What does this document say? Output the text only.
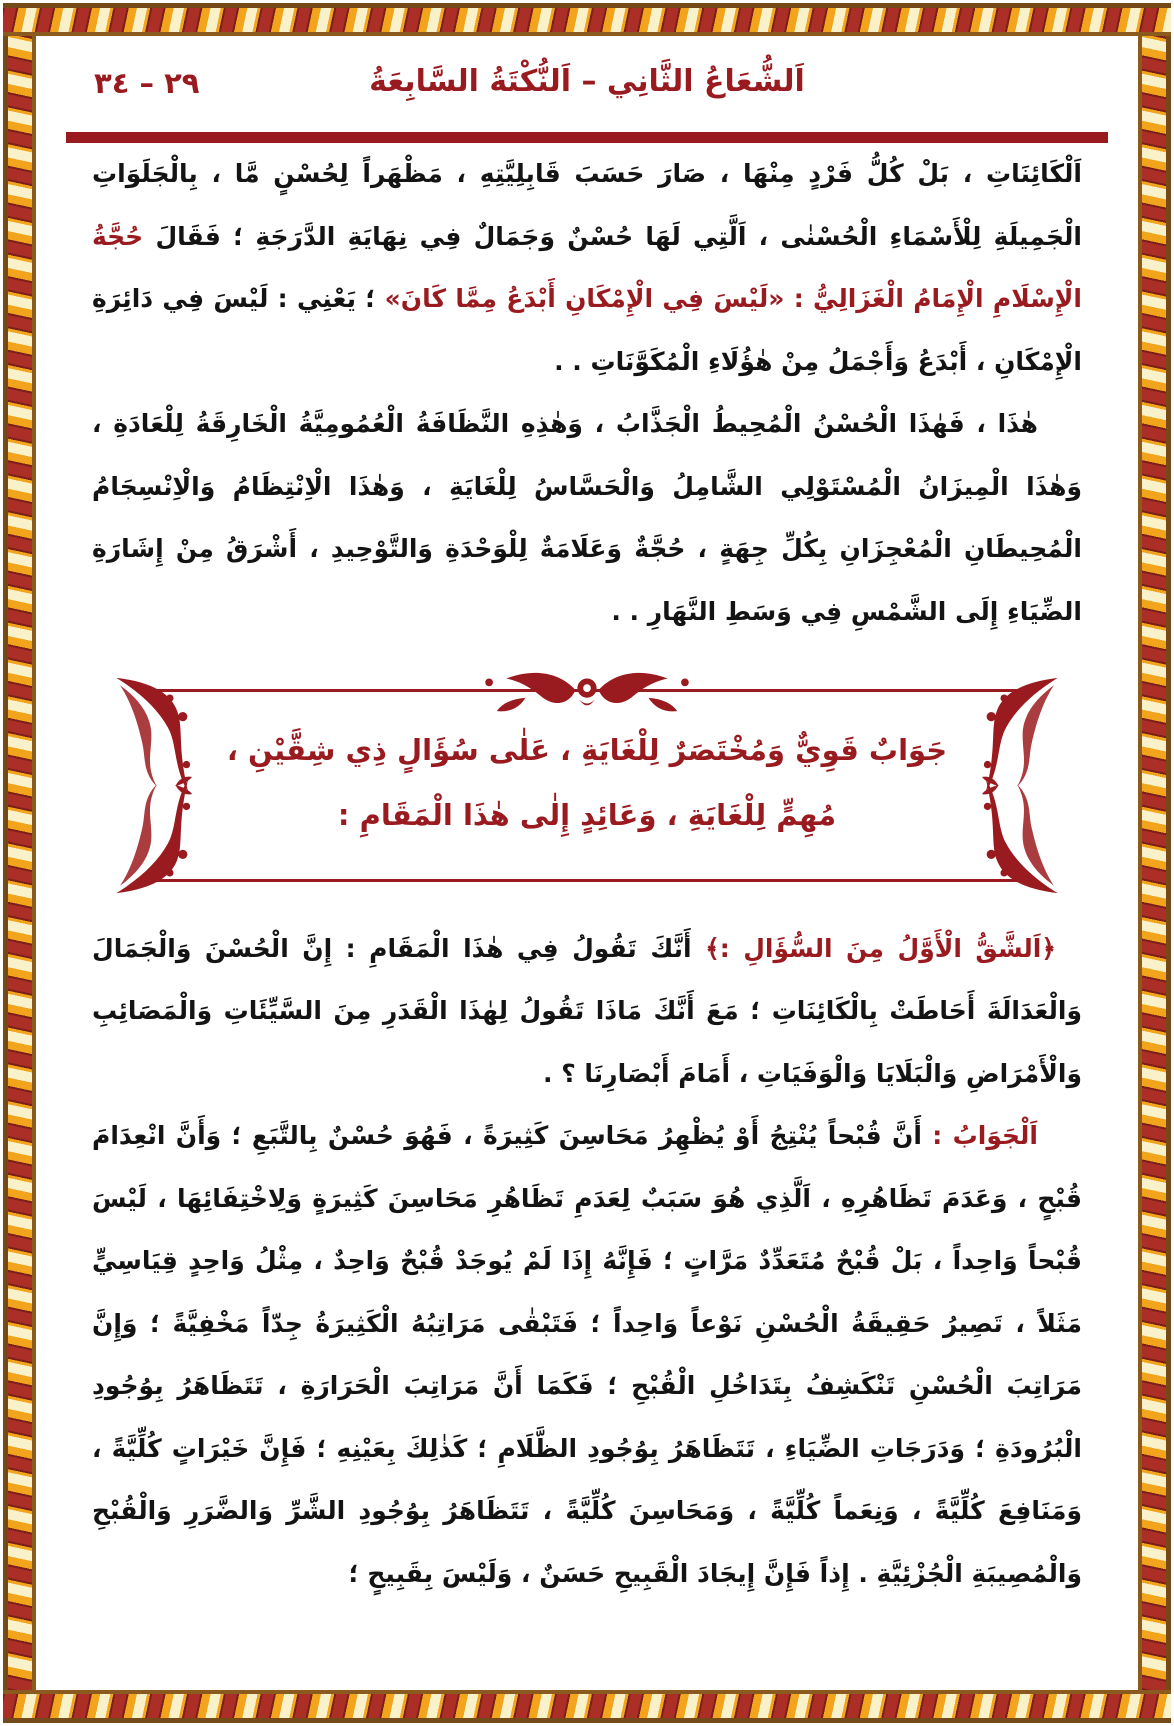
اَلشُّعَاعُ الثَّانِي – اَلنُّكْتَةُ السَّابِعَةُ
٢٩ – ٣٤

اَلْكَائِنَاتِ ، بَلْ كُلُّ فَرْدٍ مِنْهَا ، صَارَ حَسَبَ قَابِلِيَّتِهِ ، مَظْهَراً لِحُسْنٍ مَّا ، بِالْجَلَوَاتِ الْجَمِيلَةِ لِلْأَسْمَاءِ الْحُسْنٰى ، اَلَّتِي لَهَا حُسْنٌ وَجَمَالٌ فِي نِهَايَةِ الدَّرَجَةِ ؛ فَقَالَ حُجَّةُ الْإِسْلَامِ الْإِمَامُ الْغَزَالِيُّ : «لَيْسَ فِي الْإِمْكَانِ أَبْدَعُ مِمَّا كَانَ» ؛ يَعْنِي : لَيْسَ فِي دَائِرَةِ الْإِمْكَانِ ، أَبْدَعُ وَأَجْمَلُ مِنْ هٰؤُلَاءِ الْمُكَوَّنَاتِ . .

هٰذَا ، فَهٰذَا الْحُسْنُ الْمُحِيطُ الْجَذَّابُ ، وَهٰذِهِ النَّظَافَةُ الْعُمُومِيَّةُ الْخَارِقَةُ لِلْعَادَةِ ، وَهٰذَا الْمِيزَانُ الْمُسْتَوْلِي الشَّامِلُ وَالْحَسَّاسُ لِلْغَايَةِ ، وَهٰذَا الْاِنْتِظَامُ وَالْاِنْسِجَامُ الْمُحِيطَانِ الْمُعْجِزَانِ بِكُلِّ جِهَةٍ ، حُجَّةٌ وَعَلَامَةٌ لِلْوَحْدَةِ وَالتَّوْحِيدِ ، أَشْرَقُ مِنْ إِشَارَةِ الضِّيَاءِ إِلَى الشَّمْسِ فِي وَسَطِ النَّهَارِ . .

جَوَابٌ قَوِيٌّ وَمُخْتَصَرٌ لِلْغَايَةِ ، عَلٰى سُؤَالٍ ذِي شِقَّيْنِ ،
مُهِمٍّ لِلْغَايَةِ ، وَعَائِدٍ إِلٰى هٰذَا الْمَقَامِ :

﴿اَلشَّقُّ الْأَوَّلُ مِنَ السُّؤَالِ :﴾ أَنَّكَ تَقُولُ فِي هٰذَا الْمَقَامِ : إِنَّ الْحُسْنَ وَالْجَمَالَ وَالْعَدَالَةَ أَحَاطَتْ بِالْكَائِنَاتِ ؛ مَعَ أَنَّكَ مَاذَا تَقُولُ لِهٰذَا الْقَدَرِ مِنَ السَّيِّئَاتِ وَالْمَصَائِبِ وَالْأَمْرَاضِ وَالْبَلَايَا وَالْوَفَيَاتِ ، أَمَامَ أَبْصَارِنَا ؟ .

اَلْجَوَابُ : أَنَّ قُبْحاً يُنْتِجُ أَوْ يُظْهِرُ مَحَاسِنَ كَثِيرَةً ، فَهُوَ حُسْنٌ بِالتَّبَعِ ؛ وَأَنَّ انْعِدَامَ قُبْحٍ ، وَعَدَمَ تَظَاهُرِهِ ، اَلَّذِي هُوَ سَبَبٌ لِعَدَمِ تَظَاهُرِ مَحَاسِنَ كَثِيرَةٍ وَلِاخْتِفَائِهَا ، لَيْسَ قُبْحاً وَاحِداً ، بَلْ قُبْحٌ مُتَعَدِّدٌ مَرَّاتٍ ؛ فَإِنَّهُ إِذَا لَمْ يُوجَدْ قُبْحٌ وَاحِدٌ ، مِثْلُ وَاحِدٍ قِيَاسِيٍّ مَثَلاً ، تَصِيرُ حَقِيقَةُ الْحُسْنِ نَوْعاً وَاحِداً ؛ فَتَبْقٰى مَرَاتِبُهُ الْكَثِيرَةُ جِدّاً مَخْفِيَّةً ؛ وَإِنَّ مَرَاتِبَ الْحُسْنِ تَنْكَشِفُ بِتَدَاخُلِ الْقُبْحِ ؛ فَكَمَا أَنَّ مَرَاتِبَ الْحَرَارَةِ ، تَتَظَاهَرُ بِوُجُودِ الْبُرُودَةِ ؛ وَدَرَجَاتِ الضِّيَاءِ ، تَتَظَاهَرُ بِوُجُودِ الظَّلَامِ ؛ كَذٰلِكَ بِعَيْنِهِ ؛ فَإِنَّ خَيْرَاتٍ كُلِّيَّةً ، وَمَنَافِعَ كُلِّيَّةً ، وَنِعَماً كُلِّيَّةً ، وَمَحَاسِنَ كُلِّيَّةً ، تَتَظَاهَرُ بِوُجُودِ الشَّرِّ وَالضَّرَرِ وَالْقُبْحِ وَالْمُصِيبَةِ الْجُزْئِيَّةِ . إِذاً فَإِنَّ إِيجَادَ الْقَبِيحِ حَسَنٌ ، وَلَيْسَ بِقَبِيحٍ ؛
